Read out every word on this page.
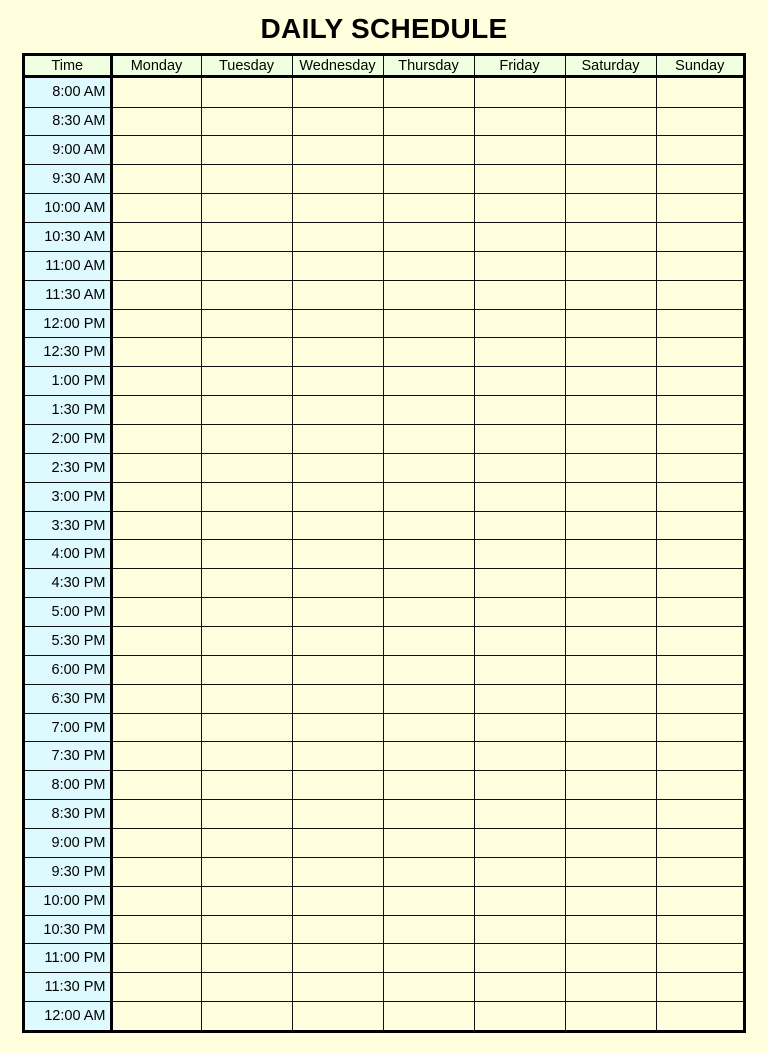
DAILY SCHEDULE
Time	Monday	Tuesday	Wednesday	Thursday	Friday	Saturday	Sunday
8:00 AM							
8:30 AM							
9:00 AM							
9:30 AM							
10:00 AM							
10:30 AM							
11:00 AM							
11:30 AM							
12:00 PM							
12:30 PM							
1:00 PM							
1:30 PM							
2:00 PM							
2:30 PM							
3:00 PM							
3:30 PM							
4:00 PM							
4:30 PM							
5:00 PM							
5:30 PM							
6:00 PM							
6:30 PM							
7:00 PM							
7:30 PM							
8:00 PM							
8:30 PM							
9:00 PM							
9:30 PM							
10:00 PM							
10:30 PM							
11:00 PM							
11:30 PM							
12:00 AM							
